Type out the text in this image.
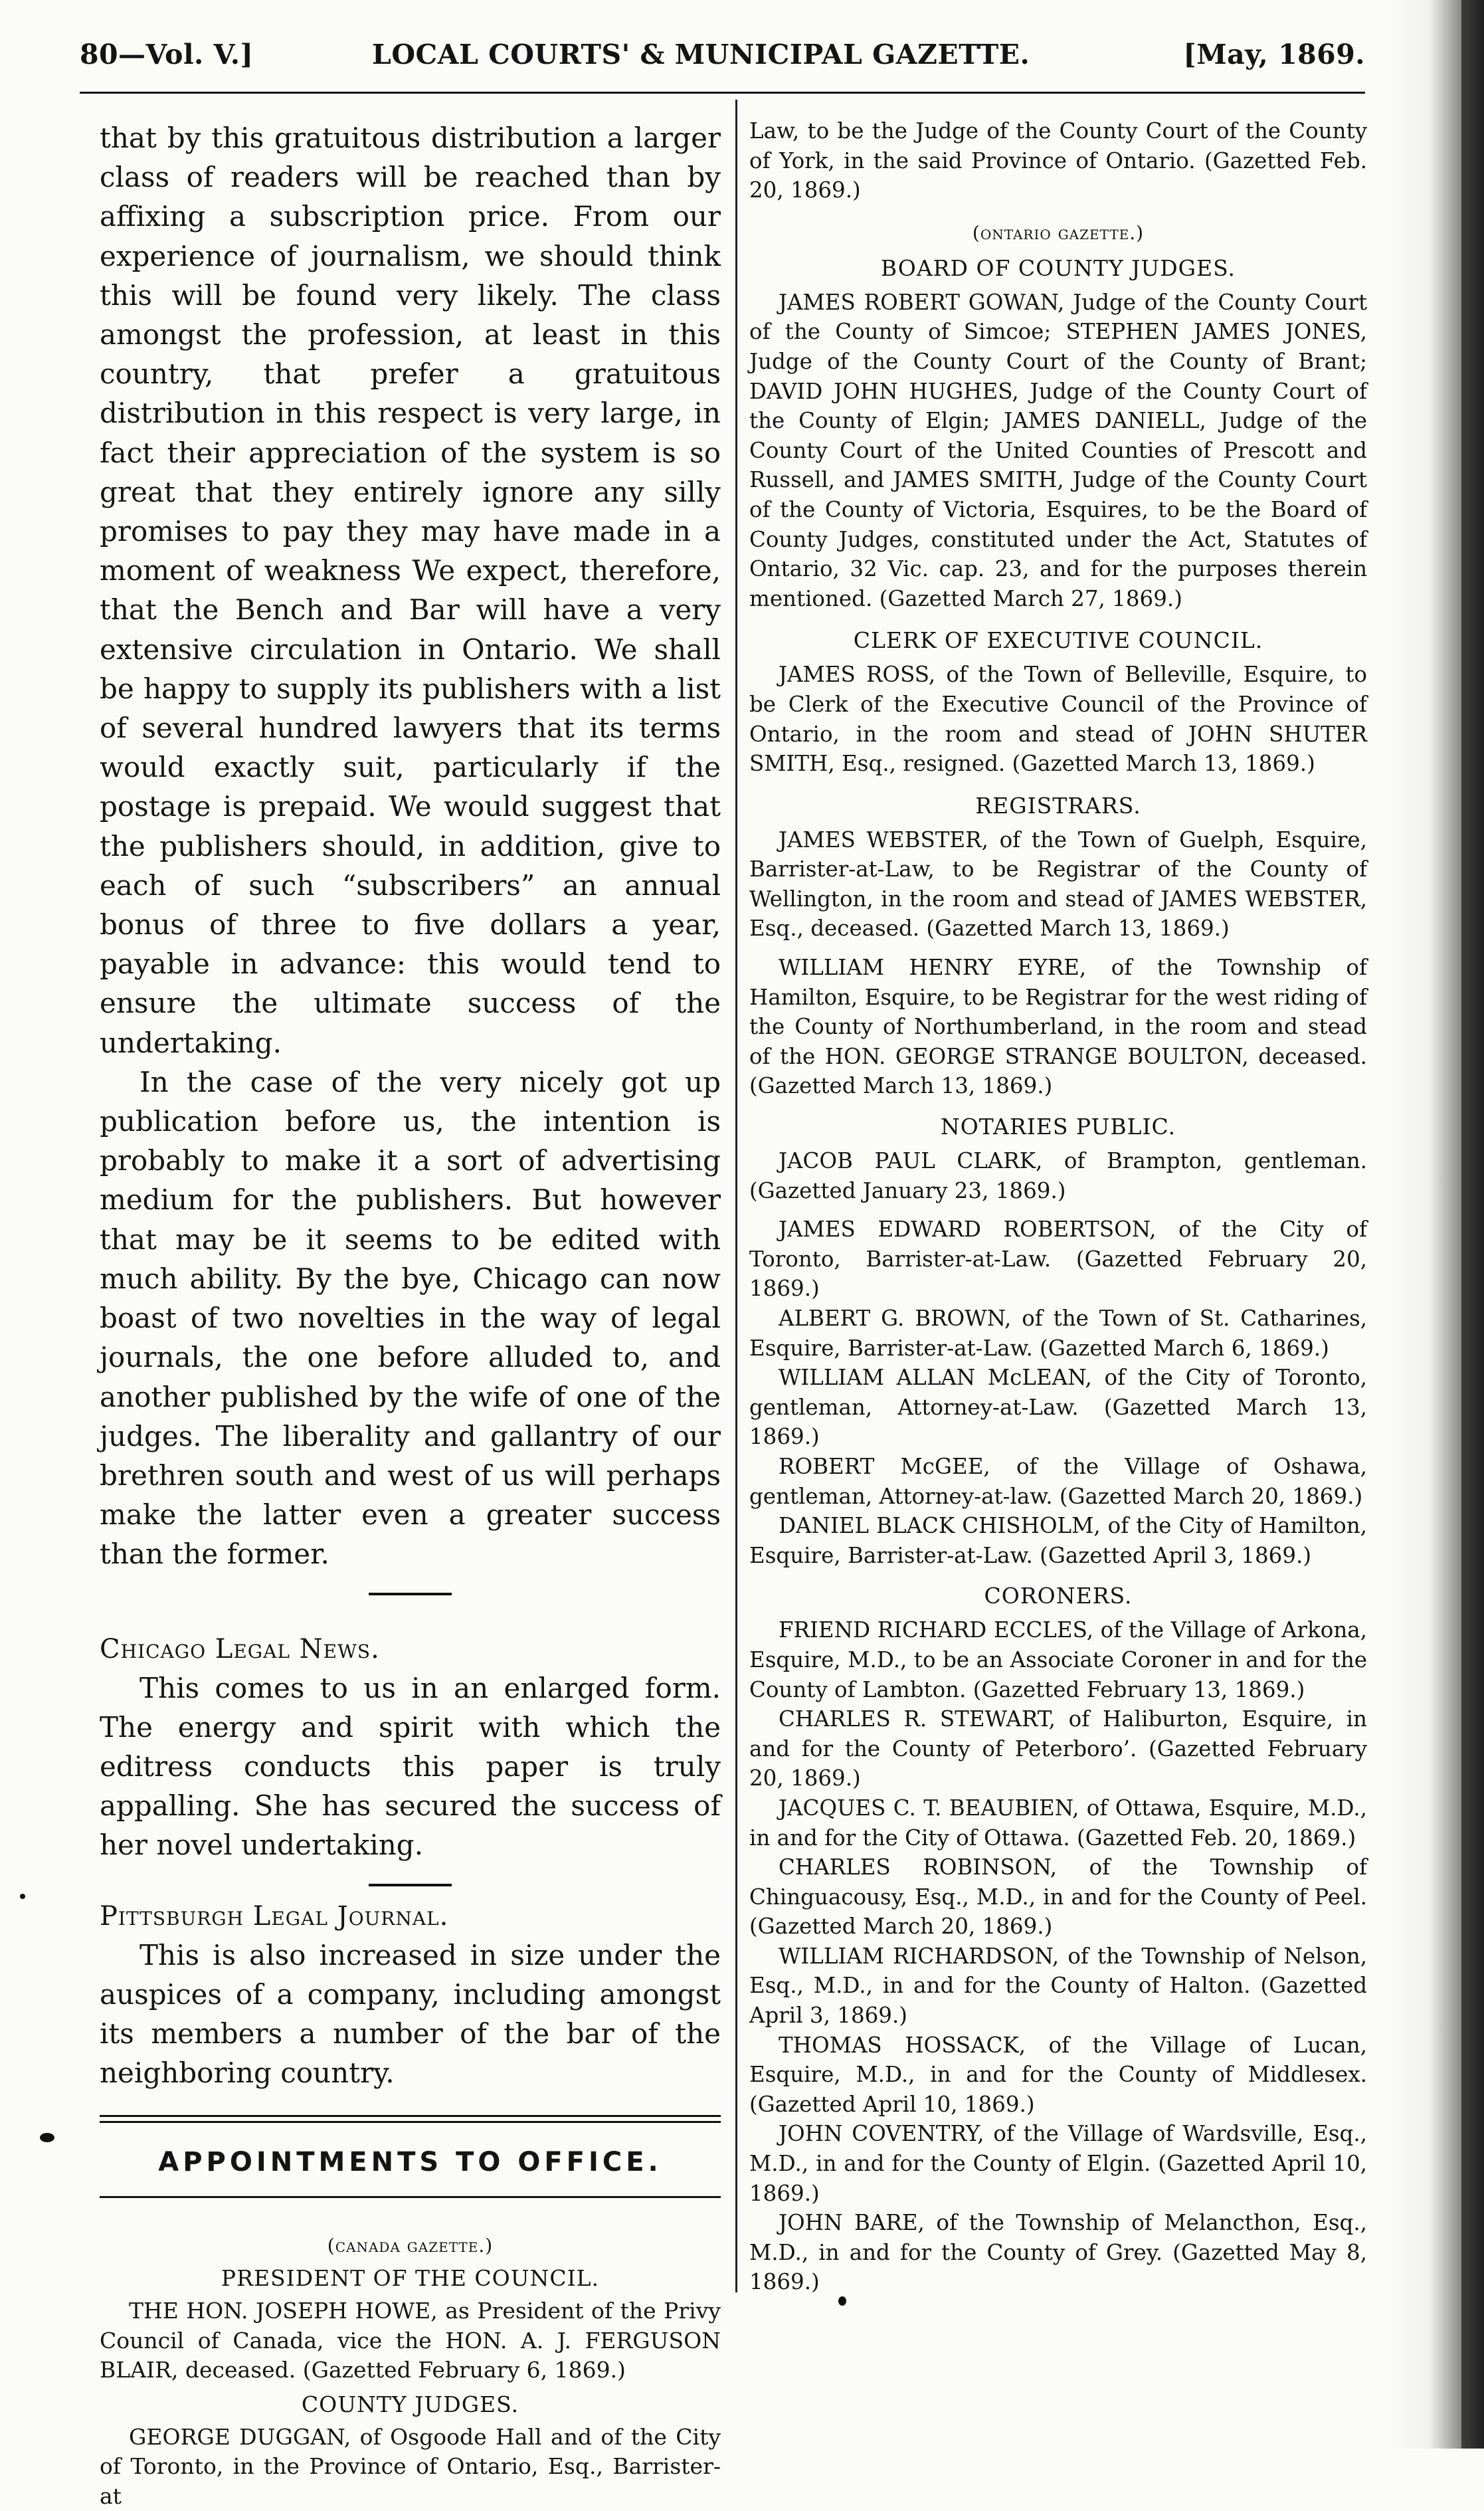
80—Vol. V.]	LOCAL COURTS' & MUNICIPAL GAZETTE.	[May, 1869.

that by this gratuitous distribution a larger class of readers will be reached than by affixing a subscription price. From our experience of journalism, we should think this will be found very likely. The class amongst the profession, at least in this country, that prefer a gratuitous distribution in this respect is very large, in fact their appreciation of the system is so great that they entirely ignore any silly promises to pay they may have made in a moment of weakness We expect, therefore, that the Bench and Bar will have a very extensive circulation in Ontario. We shall be happy to supply its publishers with a list of several hundred lawyers that its terms would exactly suit, particularly if the postage is prepaid. We would suggest that the publishers should, in addition, give to each of such “subscribers” an annual bonus of three to five dollars a year, payable in advance: this would tend to ensure the ultimate success of the undertaking.

In the case of the very nicely got up publication before us, the intention is probably to make it a sort of advertising medium for the publishers. But however that may be it seems to be edited with much ability. By the bye, Chicago can now boast of two novelties in the way of legal journals, the one before alluded to, and another published by the wife of one of the judges. The liberality and gallantry of our brethren south and west of us will perhaps make the latter even a greater success than the former.

Chicago Legal News.

This comes to us in an enlarged form. The energy and spirit with which the editress conducts this paper is truly appalling. She has secured the success of her novel undertaking.

Pittsburgh Legal Journal.

This is also increased in size under the auspices of a company, including amongst its members a number of the bar of the neighboring country.

APPOINTMENTS TO OFFICE.

(canada gazette.)

PRESIDENT OF THE COUNCIL.

THE HON. JOSEPH HOWE, as President of the Privy Council of Canada, vice the HON. A. J. FERGUSON BLAIR, deceased. (Gazetted February 6, 1869.)

COUNTY JUDGES.

GEORGE DUGGAN, of Osgoode Hall and of the City of Toronto, in the Province of Ontario, Esq., Barrister-at

Law, to be the Judge of the County Court of the County of York, in the said Province of Ontario. (Gazetted Feb. 20, 1869.)

(ontario gazette.)

BOARD OF COUNTY JUDGES.

JAMES ROBERT GOWAN, Judge of the County Court of the County of Simcoe; STEPHEN JAMES JONES, Judge of the County Court of the County of Brant; DAVID JOHN HUGHES, Judge of the County Court of the County of Elgin; JAMES DANIELL, Judge of the County Court of the United Counties of Prescott and Russell, and JAMES SMITH, Judge of the County Court of the County of Victoria, Esquires, to be the Board of County Judges, constituted under the Act, Statutes of Ontario, 32 Vic. cap. 23, and for the purposes therein mentioned. (Gazetted March 27, 1869.)

CLERK OF EXECUTIVE COUNCIL.

JAMES ROSS, of the Town of Belleville, Esquire, to be Clerk of the Executive Council of the Province of Ontario, in the room and stead of JOHN SHUTER SMITH, Esq., resigned. (Gazetted March 13, 1869.)

REGISTRARS.

JAMES WEBSTER, of the Town of Guelph, Esquire, Barrister-at-Law, to be Registrar of the County of Wellington, in the room and stead of JAMES WEBSTER, Esq., deceased. (Gazetted March 13, 1869.)

WILLIAM HENRY EYRE, of the Township of Hamilton, Esquire, to be Registrar for the west riding of the County of Northumberland, in the room and stead of the HON. GEORGE STRANGE BOULTON, deceased. (Gazetted March 13, 1869.)

NOTARIES PUBLIC.

JACOB PAUL CLARK, of Brampton, gentleman. (Gazetted January 23, 1869.)

JAMES EDWARD ROBERTSON, of the City of Toronto, Barrister-at-Law. (Gazetted February 20, 1869.)

ALBERT G. BROWN, of the Town of St. Catharines, Esquire, Barrister-at-Law. (Gazetted March 6, 1869.)

WILLIAM ALLAN McLEAN, of the City of Toronto, gentleman, Attorney-at-Law. (Gazetted March 13, 1869.)

ROBERT McGEE, of the Village of Oshawa, gentleman, Attorney-at-law. (Gazetted March 20, 1869.)

DANIEL BLACK CHISHOLM, of the City of Hamilton, Esquire, Barrister-at-Law. (Gazetted April 3, 1869.)

CORONERS.

FRIEND RICHARD ECCLES, of the Village of Arkona, Esquire, M.D., to be an Associate Coroner in and for the County of Lambton. (Gazetted February 13, 1869.)

CHARLES R. STEWART, of Haliburton, Esquire, in and for the County of Peterboro’. (Gazetted February 20, 1869.)

JACQUES C. T. BEAUBIEN, of Ottawa, Esquire, M.D., in and for the City of Ottawa. (Gazetted Feb. 20, 1869.)

CHARLES ROBINSON, of the Township of Chinguacousy, Esq., M.D., in and for the County of Peel. (Gazetted March 20, 1869.)

WILLIAM RICHARDSON, of the Township of Nelson, Esq., M.D., in and for the County of Halton. (Gazetted April 3, 1869.)

THOMAS HOSSACK, of the Village of Lucan, Esquire, M.D., in and for the County of Middlesex. (Gazetted April 10, 1869.)

JOHN COVENTRY, of the Village of Wardsville, Esq., M.D., in and for the County of Elgin. (Gazetted April 10, 1869.)

JOHN BARE, of the Township of Melancthon, Esq., M.D., in and for the County of Grey. (Gazetted May 8, 1869.)
